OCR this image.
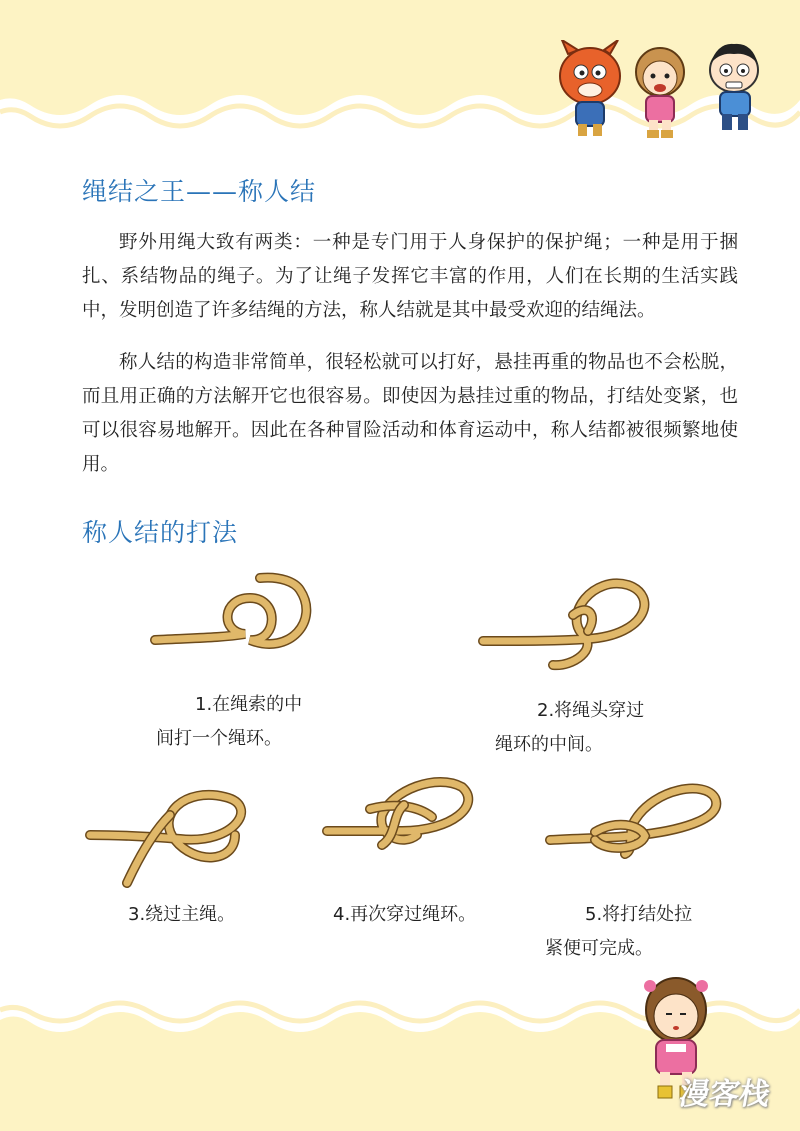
绳结之王——称人结

野外用绳大致有两类：一种是专门用于人身保护的保护绳；一种是用于捆扎、系结物品的绳子。为了让绳子发挥它丰富的作用，人们在长期的生活实践中，发明创造了许多结绳的方法，称人结就是其中最受欢迎的结绳法。

称人结的构造非常简单，很轻松就可以打好，悬挂再重的物品也不会松脱，而且用正确的方法解开它也很容易。即使因为悬挂过重的物品，打结处变紧，也可以很容易地解开。因此在各种冒险活动和体育运动中，称人结都被很频繁地使用。

称人结的打法
1.在绳索的中
间打一个绳环。
2.将绳头穿过
绳环的中间。
3.绕过主绳。	4.再次穿过绳环。	5.将打结处拉
紧便可完成。
漫客栈
